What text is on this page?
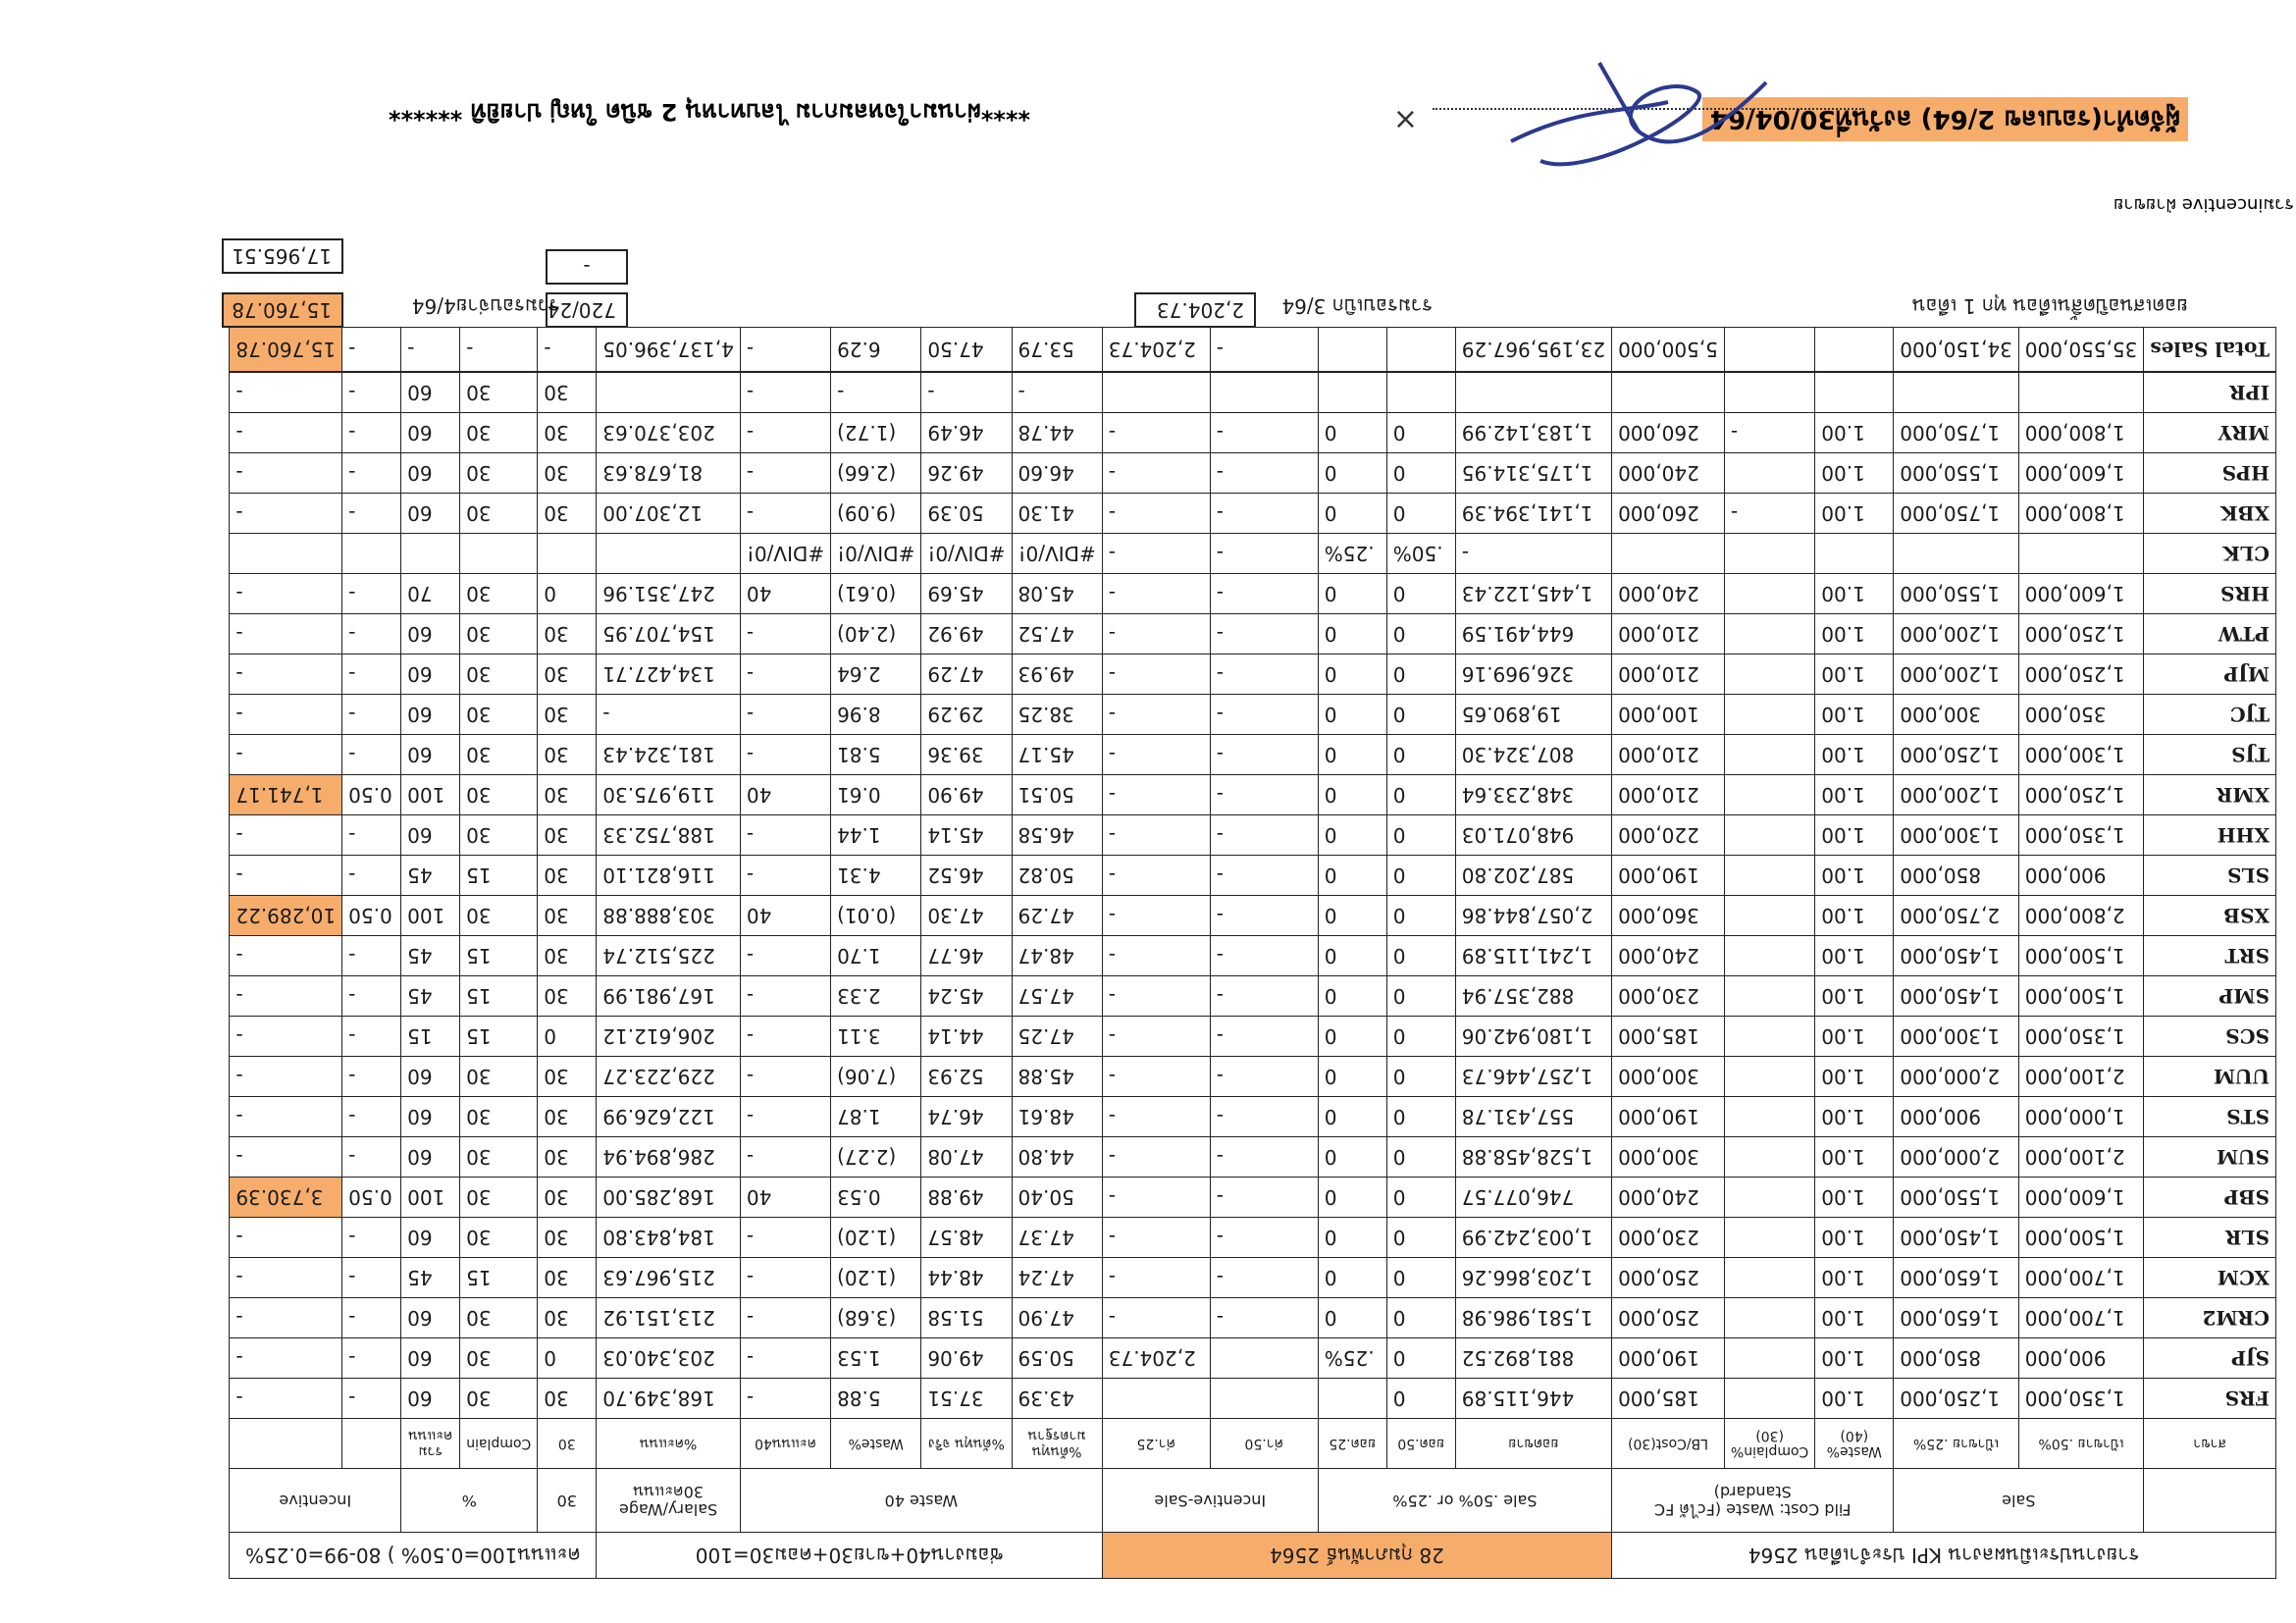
รวมincentive ฝ่ายขาย
17,965.51
15,760.78	รวมรอบจ่าย4/64
720/24
-
2,204.73	รวมรอบเบิก 3/64	ยอดเสนอปิดสิ้นเดือน ทุก 1 เดือน
ผู้จัดทำ(รอบเลข 2/64) ลงวันที่30/04/64
×
****ผ่านมาใจหลมกาม ไลบทาหนุ 2 ชนิด ใหญ่ ปายยิทิ ******
รายงานประเมินผลงาน KPI ประจำเดือน 2564						28 กุมภาพันธ์ 2564					ซ่อมงาน40+ขาย30+คอม30=100					คะแนน100=0.50% ) 80-99=0.25%				
	Sale		Fild Cost: Waste (Fcได้ FC Standard)			Sale .50% or .25%			Incentive-Sale		Waste 40				Salary/Wage 30คะแนน	30	%		Incentive	
สาขา	เป้าขาย .50%	เป้าขาย .25%	Waste%(40)	Complain%(30)	LB/Cost(30)	ยอดขาย	ยอด.50	ยอด.25	ค่า.50	ค่า.25	%ต้นทุน มาตรฐาน	%ต้นทุน จริง	Waste%	คะแนน40	%คะแนน	30	Complain	รวม คะแนน		
FRS	1,350,000	1,250,000	1.00		185,000	446,115.89	0				43.39	37.51	5.88	-	168,349.70	30	30	60	-	-
SJP	900,000	850,000	1.00		190,000	881,892.52	0	.25%		2,204.73	50.59	49.06	1.53	-	203,340.03	0	30	60	-	-
CRM2	1,700,000	1,650,000	1.00		250,000	1,581,986.98	0	0	-	-	47.90	51.58	(3.68)	-	213,151.92	30	30	60	-	-
XCM	1,700,000	1,650,000	1.00		250,000	1,203,866.26	0	0	-	-	47.24	48.44	(1.20)	-	215,967.63	30	15	45	-	-
SLR	1,500,000	1,450,000	1.00		230,000	1,003,242.99	0	0	-	-	47.37	48.57	(1.20)	-	184,843.80	30	30	60	-	-
SBP	1,600,000	1,550,000	1.00		240,000	746,077.57	0	0	-	-	50.40	49.88	0.53	40	168,285.00	30	30	100	0.50	3,730.39
SUM	2,100,000	2,000,000	1.00		300,000	1,528,458.88	0	0	-	-	44.80	47.08	(2.27)	-	286,894.94	30	30	60	-	-
STS	1,000,000	900,000	1.00		190,000	557,431.78	0	0	-	-	48.61	46.74	1.87	-	122,626.99	30	30	60	-	-
UUM	2,100,000	2,000,000	1.00		300,000	1,257,446.73	0	0	-	-	45.88	52.93	(7.06)	-	229,223.27	30	30	60	-	-
SCS	1,350,000	1,300,000	1.00		185,000	1,180,942.06	0	0	-	-	47.25	44.14	3.11	-	206,612.12	0	15	15	-	-
SMP	1,500,000	1,450,000	1.00		230,000	882,357.94	0	0	-	-	47.57	45.24	2.33	-	167,981.99	30	15	45	-	-
SRT	1,500,000	1,450,000	1.00		240,000	1,241,115.89	0	0	-	-	48.47	46.77	1.70	-	225,512.74	30	15	45	-	-
XSB	2,800,000	2,750,000	1.00		360,000	2,057,844.86	0	0	-	-	47.29	47.30	(0.01)	40	303,888.88	30	30	100	0.50	10,289.22
SLS	900,000	850,000	1.00		190,000	587,202.80	0	0	-	-	50.82	46.52	4.31	-	116,821.10	30	15	45	-	-
XHH	1,350,000	1,300,000	1.00		220,000	948,071.03	0	0	-	-	46.58	45.14	1.44	-	188,752.33	30	30	60	-	-
XMR	1,250,000	1,200,000	1.00		210,000	348,233.64	0	0	-	-	50.51	49.90	0.61	40	119,975.30	30	30	100	0.50	1,741.17
TJS	1,300,000	1,250,000	1.00		210,000	807,324.30	0	0	-	-	45.17	39.36	5.81	-	181,324.43	30	30	60	-	-
TJC	350,000	300,000	1.00		100,000	19,890.65	0	0	-	-	38.25	29.29	8.96	-	-	30	30	60	-	-
MJP	1,250,000	1,200,000	1.00		210,000	326,969.16	0	0	-	-	49.93	47.29	2.64	-	134,427.71	30	30	60	-	-
PTW	1,250,000	1,200,000	1.00		210,000	644,491.59	0	0	-	-	47.52	49.92	(2.40)	-	154,707.95	30	30	60	-	-
HRS	1,600,000	1,550,000	1.00		240,000	1,445,122.43	0	0	-	-	45.08	45.69	(0.61)	40	247,351.96	0	30	70	-	-
CLK						-	.50%	.25%	-	-	#DIV/0!	#DIV/0!	#DIV/0!	#DIV/0!						
XBK	1,800,000	1,750,000	1.00	-	260,000	1,141,394.39	0	0	-	-	41.30	50.39	(9.09)	-	12,307.00	30	30	60	-	-
HPS	1,600,000	1,550,000	1.00		240,000	1,175,314.95	0	0	-	-	46.60	49.26	(2.66)	-	81,678.63	30	30	60	-	-
MRY	1,800,000	1,750,000	1.00	-	260,000	1,183,142.99	0	0	-	-	44.78	46.49	(1.72)	-	203,370.63	30	30	60	-	-
IPR											-	-	-	-		30	30	60	-	-
Total Sales	35,550,000	34,150,000			5,500,000	23,195,967.29			-	2,204.73	53.79	47.50	6.29	-	4,137,396.05	-	-	-	-	15,760.78
